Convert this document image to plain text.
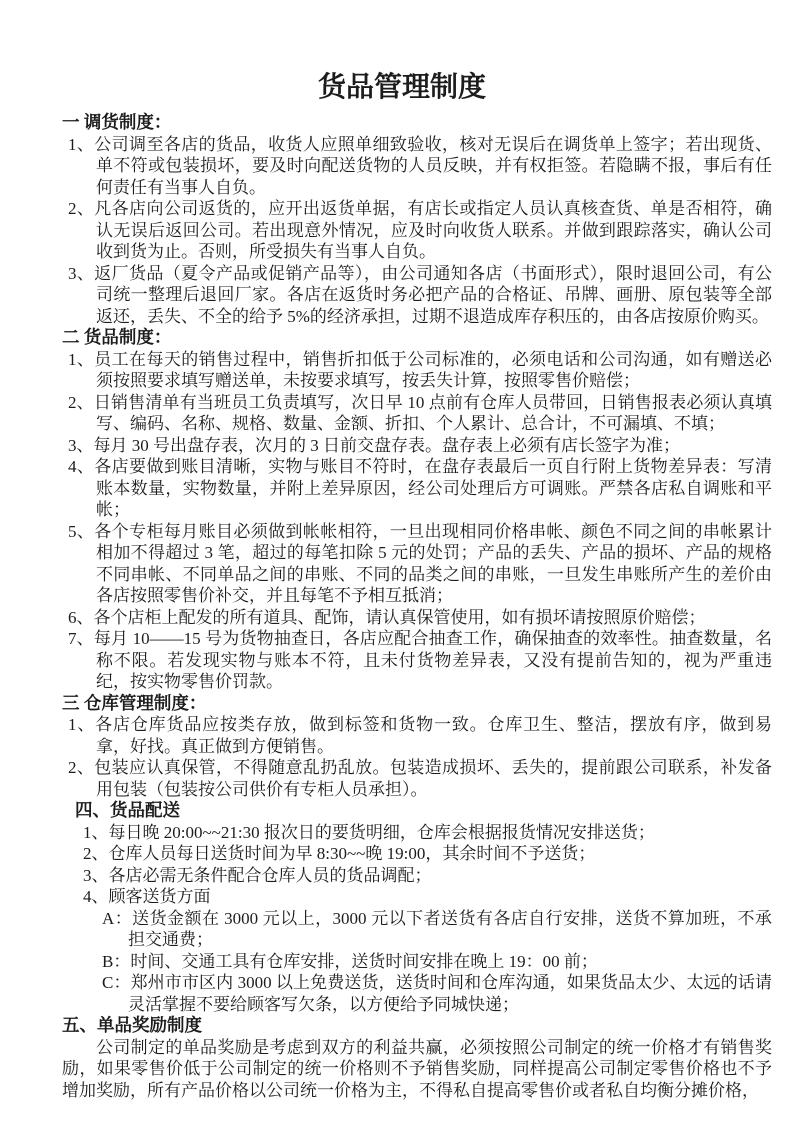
货品管理制度
一 调货制度：

1、公司调至各店的货品，收货人应照单细致验收，核对无误后在调货单上签字；若出现货、单不符或包装损坏，要及时向配送货物的人员反映，并有权拒签。若隐瞒不报，事后有任何责任有当事人自负。

2、凡各店向公司返货的，应开出返货单据，有店长或指定人员认真核查货、单是否相符，确认无误后返回公司。若出现意外情况，应及时向收货人联系。并做到跟踪落实，确认公司收到货为止。否则，所受损失有当事人自负。

3、返厂货品（夏令产品或促销产品等），由公司通知各店（书面形式），限时退回公司，有公司统一整理后退回厂家。各店在返货时务必把产品的合格证、吊牌、画册、原包装等全部返还，丢失、不全的给予 5%的经济承担，过期不退造成库存积压的，由各店按原价购买。

二 货品制度：

1、员工在每天的销售过程中，销售折扣低于公司标准的，必须电话和公司沟通，如有赠送必须按照要求填写赠送单，未按要求填写，按丢失计算，按照零售价赔偿；

2、日销售清单有当班员工负责填写，次日早 10 点前有仓库人员带回，日销售报表必须认真填写、编码、名称、规格、数量、金额、折扣、个人累计、总合计，不可漏填、不填；

3、每月 30 号出盘存表，次月的 3 日前交盘存表。盘存表上必须有店长签字为准；

4、各店要做到账目清晰，实物与账目不符时，在盘存表最后一页自行附上货物差异表：写清账本数量，实物数量，并附上差异原因，经公司处理后方可调账。严禁各店私自调账和平帐；

5、各个专柜每月账目必须做到帐帐相符，一旦出现相同价格串帐、颜色不同之间的串帐累计相加不得超过 3 笔，超过的每笔扣除 5 元的处罚；产品的丢失、产品的损坏、产品的规格不同串帐、不同单品之间的串账、不同的品类之间的串账，一旦发生串账所产生的差价由各店按照零售价补交，并且每笔不予相互抵消；

6、各个店柜上配发的所有道具、配饰，请认真保管使用，如有损坏请按照原价赔偿；

7、每月 10——15 号为货物抽查日，各店应配合抽查工作，确保抽查的效率性。抽查数量，名称不限。若发现实物与账本不符，且未付货物差异表，又没有提前告知的，视为严重违纪，按实物零售价罚款。

三 仓库管理制度：

1、各店仓库货品应按类存放，做到标签和货物一致。仓库卫生、整洁，摆放有序，做到易拿，好找。真正做到方便销售。

2、包装应认真保管，不得随意乱扔乱放。包装造成损坏、丢失的，提前跟公司联系，补发备用包装（包装按公司供价有专柜人员承担）。

四、货品配送

1、每日晚 20:00~~21:30 报次日的要货明细，仓库会根据报货情况安排送货；

2、仓库人员每日送货时间为早 8:30~~晚 19:00，其余时间不予送货；

3、各店必需无条件配合仓库人员的货品调配；

4、顾客送货方面

A：送货金额在 3000 元以上，3000 元以下者送货有各店自行安排，送货不算加班，不承担交通费；

B：时间、交通工具有仓库安排，送货时间安排在晚上 19：00 前；

C：郑州市市区内 3000 以上免费送货，送货时间和仓库沟通，如果货品太少、太远的话请灵活掌握不要给顾客写欠条，以方便给予同城快递；

五、单品奖励制度

公司制定的单品奖励是考虑到双方的利益共赢，必须按照公司制定的统一价格才有销售奖励，如果零售价低于公司制定的统一价格则不予销售奖励，同样提高公司制定零售价格也不予增加奖励，所有产品价格以公司统一价格为主，不得私自提高零售价或者私自均衡分摊价格，
